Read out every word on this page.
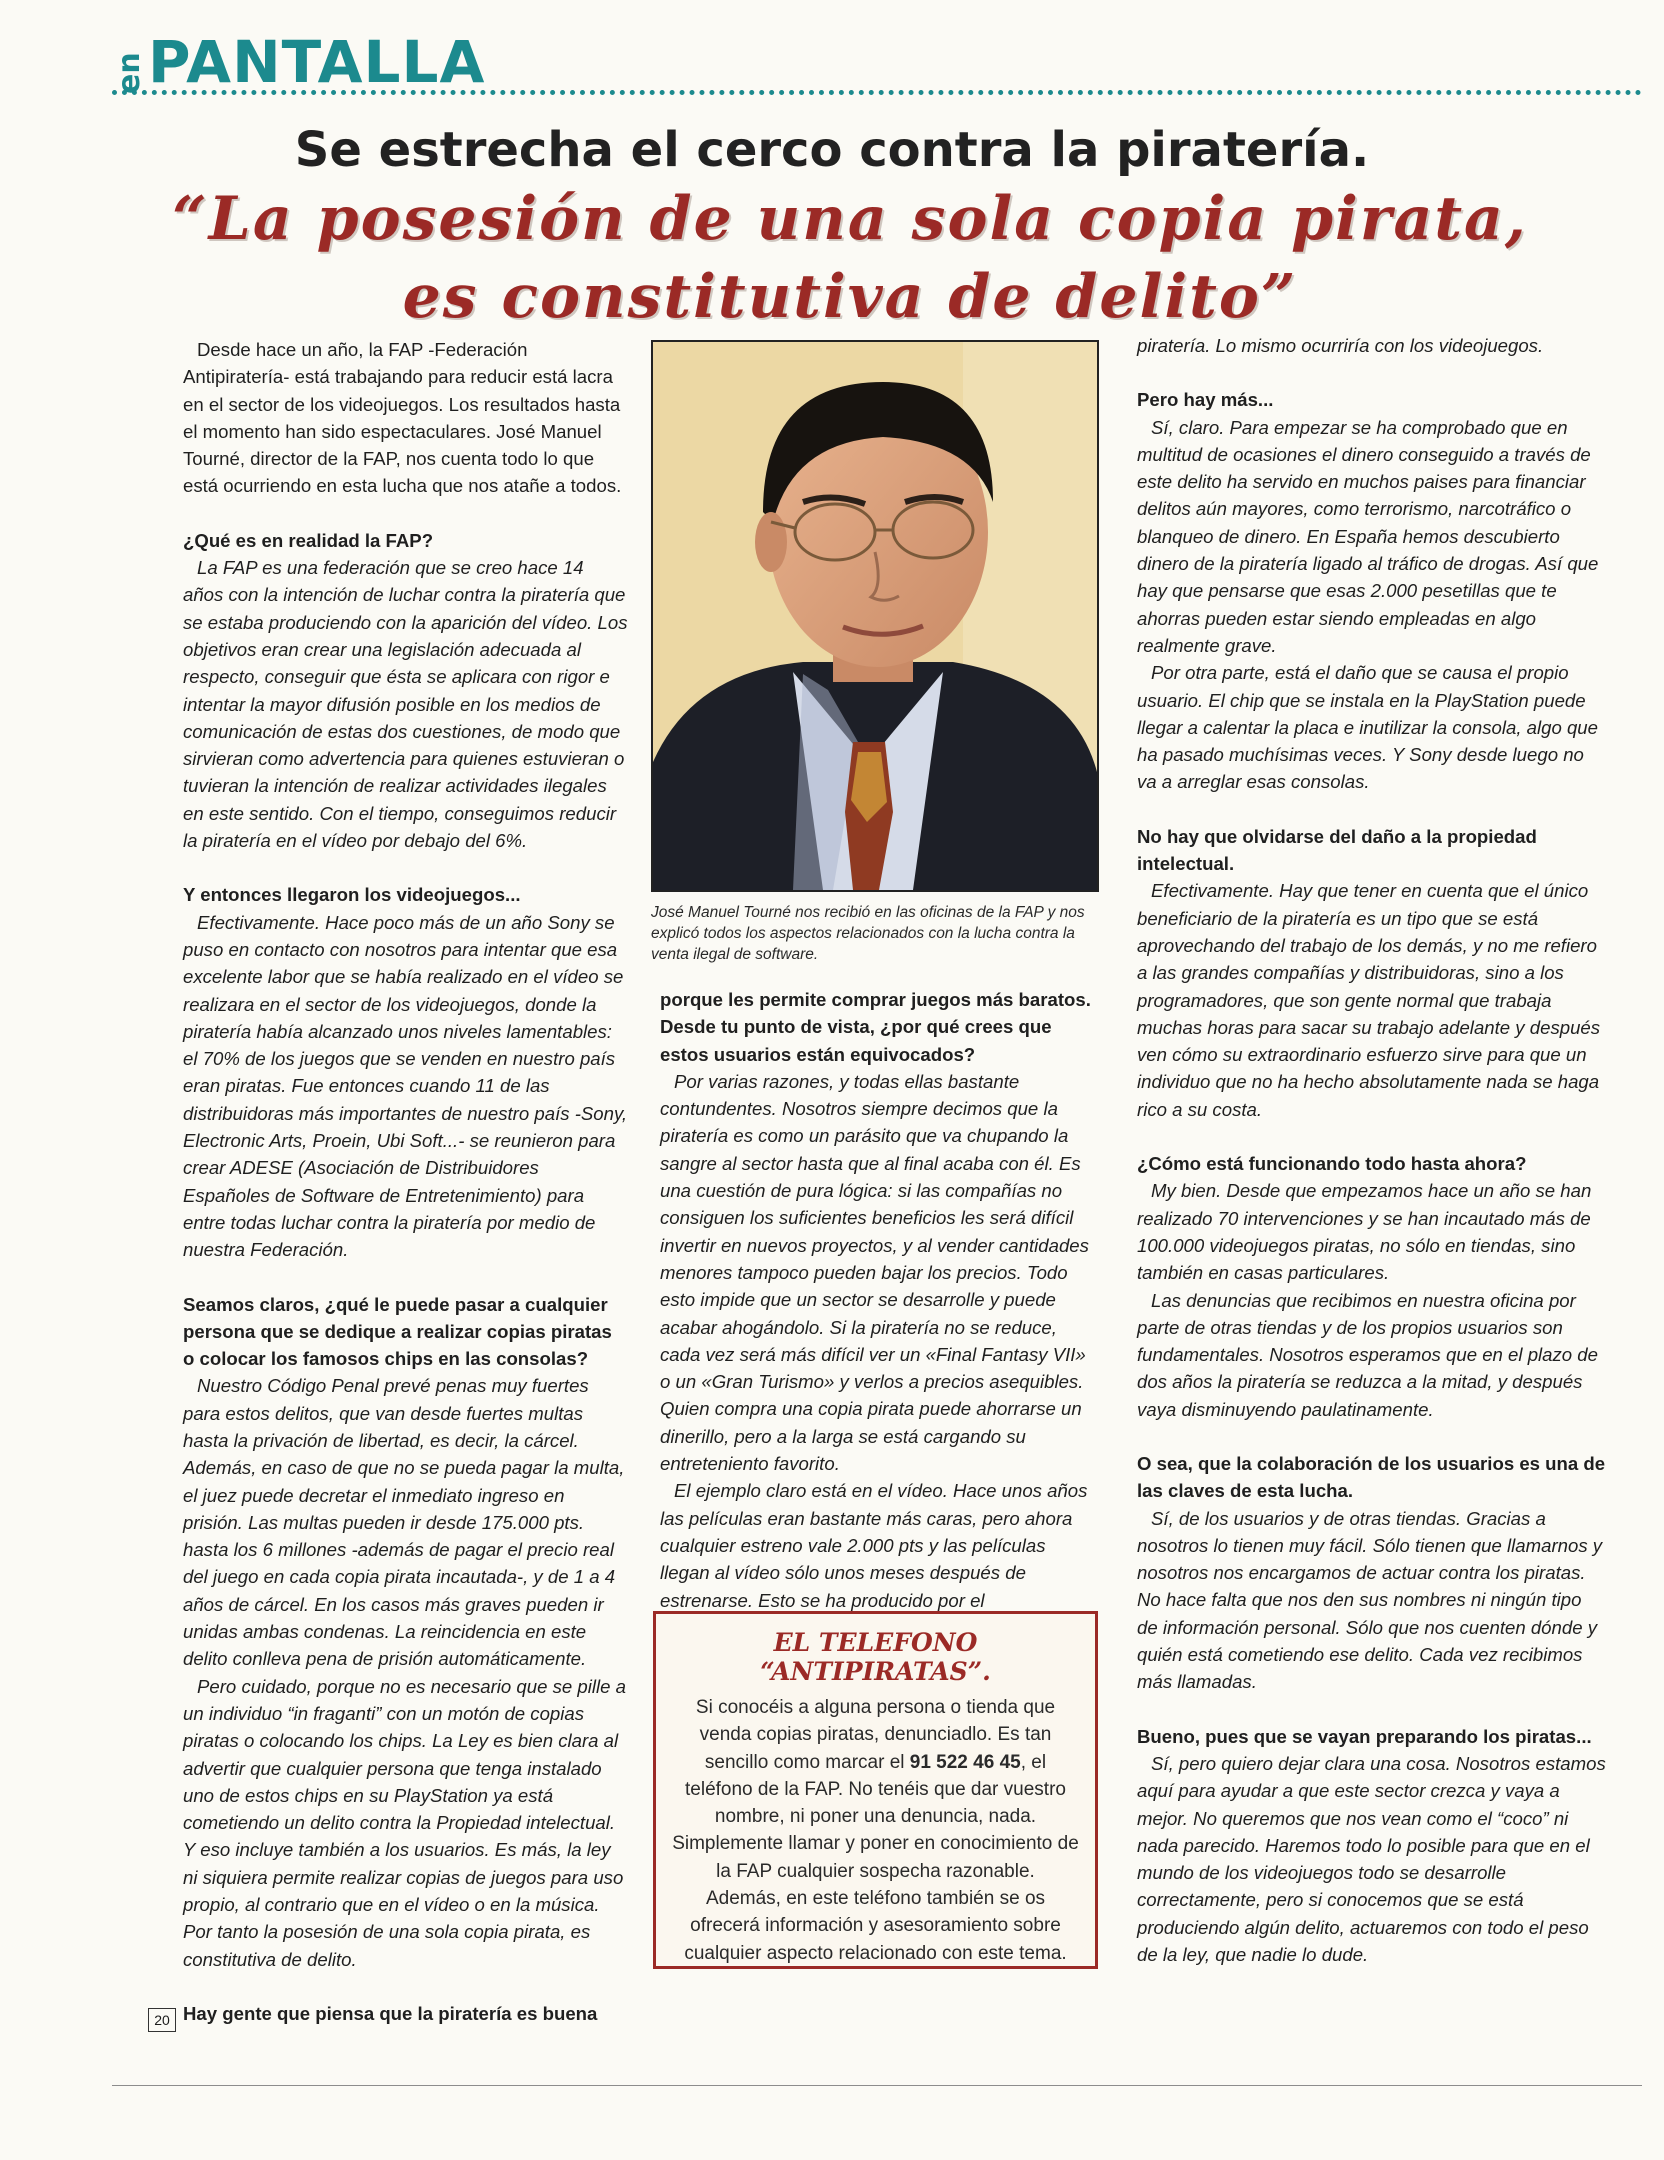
en PANTALLA
Se estrecha el cerco contra la piratería.
“La posesión de una sola copia pirata,
es constitutiva de delito”

Desde hace un año, la FAP -Federación Antipiratería- está trabajando para reducir está lacra en el sector de los videojuegos. Los resultados hasta el momento han sido espectaculares. José Manuel Tourné, director de la FAP, nos cuenta todo lo que está ocurriendo en esta lucha que nos atañe a todos.

¿Qué es en realidad la FAP?

La FAP es una federación que se creo hace 14 años con la intención de luchar contra la piratería que se estaba produciendo con la aparición del vídeo. Los objetivos eran crear una legislación adecuada al respecto, conseguir que ésta se aplicara con rigor e intentar la mayor difusión posible en los medios de comunicación de estas dos cuestiones, de modo que sirvieran como advertencia para quienes estuvieran o tuvieran la intención de realizar actividades ilegales en este sentido. Con el tiempo, conseguimos reducir la piratería en el vídeo por debajo del 6%.

Y entonces llegaron los videojuegos...

Efectivamente. Hace poco más de un año Sony se puso en contacto con nosotros para intentar que esa excelente labor que se había realizado en el vídeo se realizara en el sector de los videojuegos, donde la piratería había alcanzado unos niveles lamentables: el 70% de los juegos que se venden en nuestro país eran piratas. Fue entonces cuando 11 de las distribuidoras más importantes de nuestro país -Sony, Electronic Arts, Proein, Ubi Soft...- se reunieron para crear ADESE (Asociación de Distribuidores Españoles de Software de Entretenimiento) para entre todas luchar contra la piratería por medio de nuestra Federación.

Seamos claros, ¿qué le puede pasar a cualquier persona que se dedique a realizar copias piratas o colocar los famosos chips en las consolas?

Nuestro Código Penal prevé penas muy fuertes para estos delitos, que van desde fuertes multas hasta la privación de libertad, es decir, la cárcel. Además, en caso de que no se pueda pagar la multa, el juez puede decretar el inmediato ingreso en prisión. Las multas pueden ir desde 175.000 pts. hasta los 6 millones -además de pagar el precio real del juego en cada copia pirata incautada-, y de 1 a 4 años de cárcel. En los casos más graves pueden ir unidas ambas condenas. La reincidencia en este delito conlleva pena de prisión automáticamente.

Pero cuidado, porque no es necesario que se pille a un individuo “in fraganti” con un motón de copias piratas o colocando los chips. La Ley es bien clara al advertir que cualquier persona que tenga instalado uno de estos chips en su PlayStation ya está cometiendo un delito contra la Propiedad intelectual. Y eso incluye también a los usuarios. Es más, la ley ni siquiera permite realizar copias de juegos para uso propio, al contrario que en el vídeo o en la música. Por tanto la posesión de una sola copia pirata, es constitutiva de delito.

Hay gente que piensa que la piratería es buena

José Manuel Tourné nos recibió en las oficinas de la FAP y nos explicó todos los aspectos relacionados con la lucha contra la venta ilegal de software.

porque les permite comprar juegos más baratos. Desde tu punto de vista, ¿por qué crees que estos usuarios están equivocados?

Por varias razones, y todas ellas bastante contundentes. Nosotros siempre decimos que la piratería es como un parásito que va chupando la sangre al sector hasta que al final acaba con él. Es una cuestión de pura lógica: si las compañías no consiguen los suficientes beneficios les será difícil invertir en nuevos proyectos, y al vender cantidades menores tampoco pueden bajar los precios. Todo esto impide que un sector se desarrolle y puede acabar ahogándolo. Si la piratería no se reduce, cada vez será más difícil ver un «Final Fantasy VII» o un «Gran Turismo» y verlos a precios asequibles. Quien compra una copia pirata puede ahorrarse un dinerillo, pero a la larga se está cargando su entreteniento favorito.

El ejemplo claro está en el vídeo. Hace unos años las películas eran bastante más caras, pero ahora cualquier estreno vale 2.000 pts y las películas llegan al vídeo sólo unos meses después de estrenarse. Esto se ha producido por el

EL TELEFONO “ANTIPIRATAS”.
Si conocéis a alguna persona o tienda que venda copias piratas, denunciadlo. Es tan sencillo como marcar el 91 522 46 45, el teléfono de la FAP. No tenéis que dar vuestro nombre, ni poner una denuncia, nada. Simplemente llamar y poner en conocimiento de la FAP cualquier sospecha razonable.
Además, en este teléfono también se os ofrecerá información y asesoramiento sobre cualquier aspecto relacionado con este tema.

piratería. Lo mismo ocurriría con los videojuegos.

Pero hay más...

Sí, claro. Para empezar se ha comprobado que en multitud de ocasiones el dinero conseguido a través de este delito ha servido en muchos paises para financiar delitos aún mayores, como terrorismo, narcotráfico o blanqueo de dinero. En España hemos descubierto dinero de la piratería ligado al tráfico de drogas. Así que hay que pensarse que esas 2.000 pesetillas que te ahorras pueden estar siendo empleadas en algo realmente grave.

Por otra parte, está el daño que se causa el propio usuario. El chip que se instala en la PlayStation puede llegar a calentar la placa e inutilizar la consola, algo que ha pasado muchísimas veces. Y Sony desde luego no va a arreglar esas consolas.

No hay que olvidarse del daño a la propiedad intelectual.

Efectivamente. Hay que tener en cuenta que el único beneficiario de la piratería es un tipo que se está aprovechando del trabajo de los demás, y no me refiero a las grandes compañías y distribuidoras, sino a los programadores, que son gente normal que trabaja muchas horas para sacar su trabajo adelante y después ven cómo su extraordinario esfuerzo sirve para que un individuo que no ha hecho absolutamente nada se haga rico a su costa.

¿Cómo está funcionando todo hasta ahora?

My bien. Desde que empezamos hace un año se han realizado 70 intervenciones y se han incautado más de 100.000 videojuegos piratas, no sólo en tiendas, sino también en casas particulares.

Las denuncias que recibimos en nuestra oficina por parte de otras tiendas y de los propios usuarios son fundamentales. Nosotros esperamos que en el plazo de dos años la piratería se reduzca a la mitad, y después vaya disminuyendo paulatinamente.

O sea, que la colaboración de los usuarios es una de las claves de esta lucha.

Sí, de los usuarios y de otras tiendas. Gracias a nosotros lo tienen muy fácil. Sólo tienen que llamarnos y nosotros nos encargamos de actuar contra los piratas. No hace falta que nos den sus nombres ni ningún tipo de información personal. Sólo que nos cuenten dónde y quién está cometiendo ese delito. Cada vez recibimos más llamadas.

Bueno, pues que se vayan preparando los piratas...

Sí, pero quiero dejar clara una cosa. Nosotros estamos aquí para ayudar a que este sector crezca y vaya a mejor. No queremos que nos vean como el “coco” ni nada parecido. Haremos todo lo posible para que en el mundo de los videojuegos todo se desarrolle correctamente, pero si conocemos que se está produciendo algún delito, actuaremos con todo el peso de la ley, que nadie lo dude.

20
